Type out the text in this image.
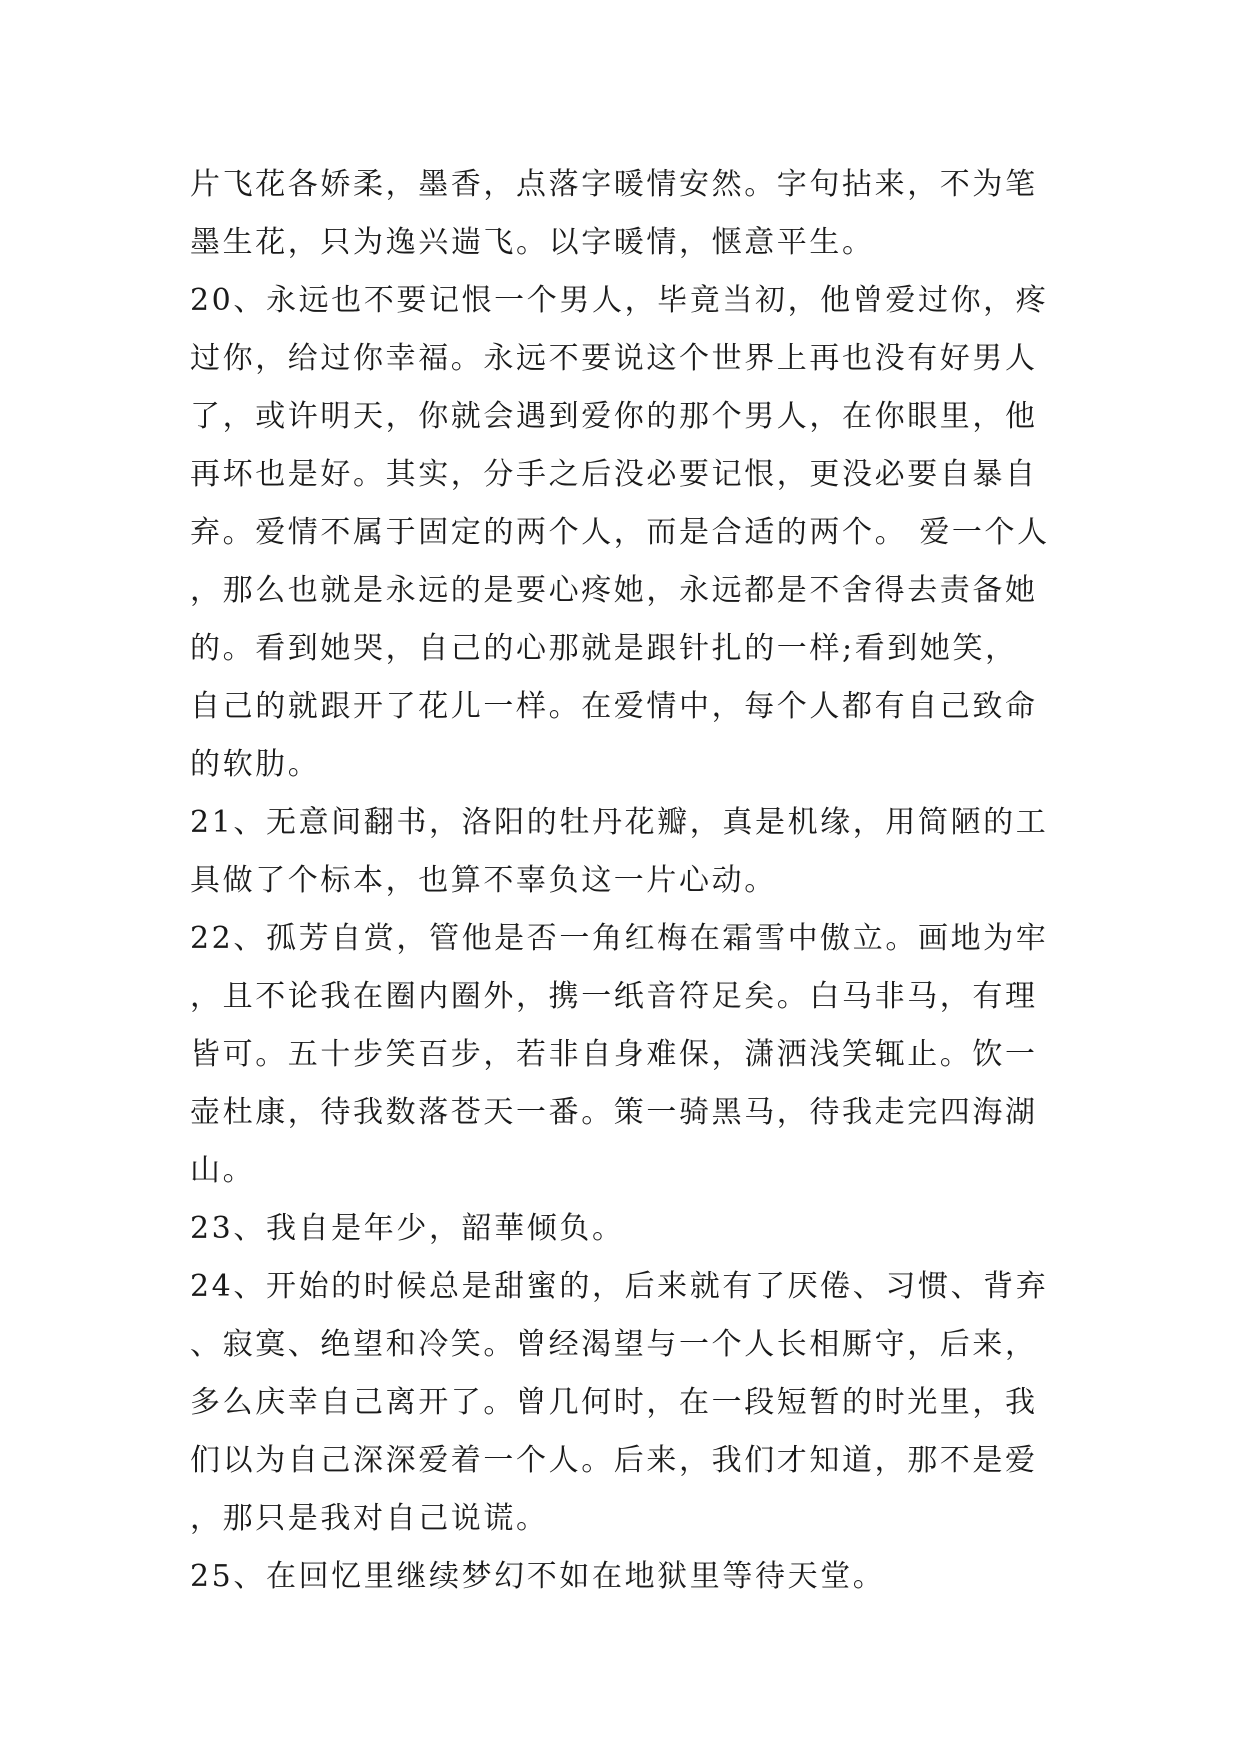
片飞花各娇柔，墨香，点落字暖情安然。字句拈来，不为笔墨生花，只为逸兴遄飞。以字暖情，惬意平生。

20、永远也不要记恨一个男人，毕竟当初，他曾爱过你，疼过你，给过你幸福。永远不要说这个世界上再也没有好男人了，或许明天，你就会遇到爱你的那个男人，在你眼里，他再坏也是好。其实，分手之后没必要记恨，更没必要自暴自弃。爱情不属于固定的两个人，而是合适的两个。 爱一个人，那么也就是永远的是要心疼她，永远都是不舍得去责备她的。看到她哭，自己的心那就是跟针扎的一样;看到她笑，自己的就跟开了花儿一样。在爱情中，每个人都有自己致命的软肋。

21、无意间翻书，洛阳的牡丹花瓣，真是机缘，用简陋的工具做了个标本，也算不辜负这一片心动。

22、孤芳自赏，管他是否一角红梅在霜雪中傲立。画地为牢，且不论我在圈内圈外，携一纸音符足矣。白马非马，有理皆可。五十步笑百步，若非自身难保，潇洒浅笑辄止。饮一壶杜康，待我数落苍天一番。策一骑黑马，待我走完四海湖山。

23、我自是年少，韶華倾负。

24、开始的时候总是甜蜜的，后来就有了厌倦、习惯、背弃、寂寞、绝望和冷笑。曾经渴望与一个人长相厮守，后来，多么庆幸自己离开了。曾几何时，在一段短暂的时光里，我们以为自己深深爱着一个人。后来，我们才知道，那不是爱，那只是我对自己说谎。

25、在回忆里继续梦幻不如在地狱里等待天堂。
